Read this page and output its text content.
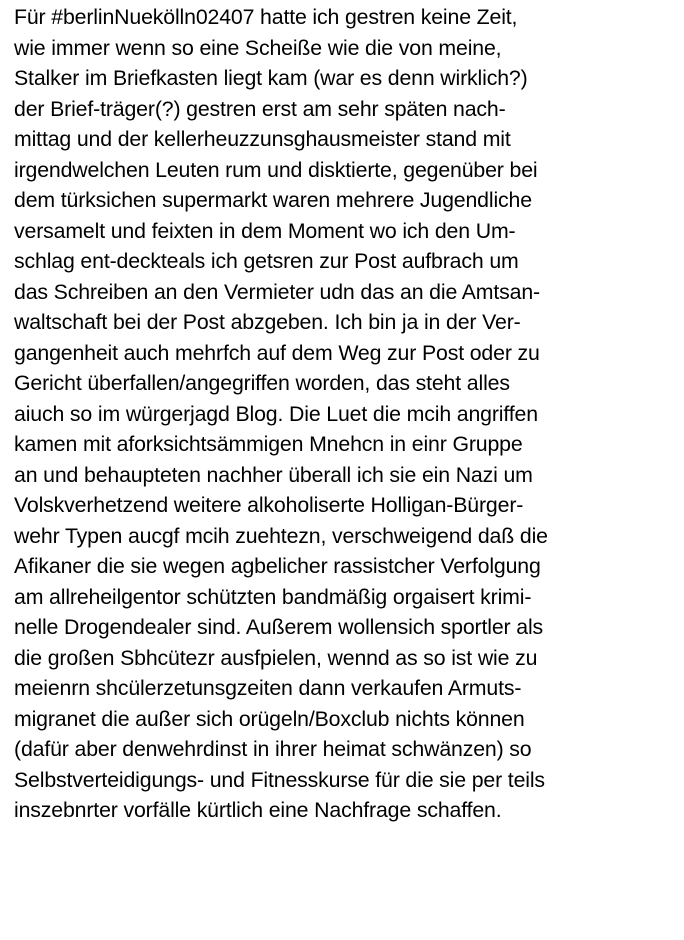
Für #berlinNuekölln02407 hatte ich gestren keine Zeit,
wie immer wenn so eine Scheiße wie die von meine,
Stalker im Briefkasten liegt kam (war es denn wirklich?)
der Brief-träger(?) gestren erst am sehr späten nach-
mittag und der kellerheuzzunsghausmeister stand mit
irgendwelchen Leuten rum und disktierte, gegenüber bei
dem türksichen supermarkt waren mehrere Jugendliche
versamelt und feixten in dem Moment wo ich den Um-
schlag ent-deckteals ich getsren zur Post aufbrach um
das Schreiben an den Vermieter udn das an die Amtsan-
waltschaft bei der Post abzgeben. Ich bin ja in der Ver-
gangenheit auch mehrfch auf dem Weg zur Post oder zu
Gericht überfallen/angegriffen worden, das steht alles
aiuch so im würgerjagd Blog. Die Luet die mcih angriffen
kamen mit aforksichtsämmigen Mnehcn in einr Gruppe
an und behaupteten nachher überall ich sie ein Nazi um
Volskverhetzend weitere alkoholiserte Holligan-Bürger-
wehr Typen aucgf mcih zuehtezn, verschweigend daß die
Afikaner die sie wegen agbelicher rassistcher Verfolgung
am allreheilgentor schützten bandmäßig orgaisert krimi-
nelle Drogendealer sind. Außerem wollensich sportler als
die großen Sbhcütezr ausfpielen, wennd as so ist wie zu
meienrn shcülerzetunsgzeiten dann verkaufen Armuts-
migranet die außer sich orügeln/Boxclub nichts können
(dafür aber denwehrdinst in ihrer heimat schwänzen) so
Selbstverteidigungs- und Fitnesskurse für die sie per teils
inszebnrter vorfälle kürtlich eine Nachfrage schaffen.
